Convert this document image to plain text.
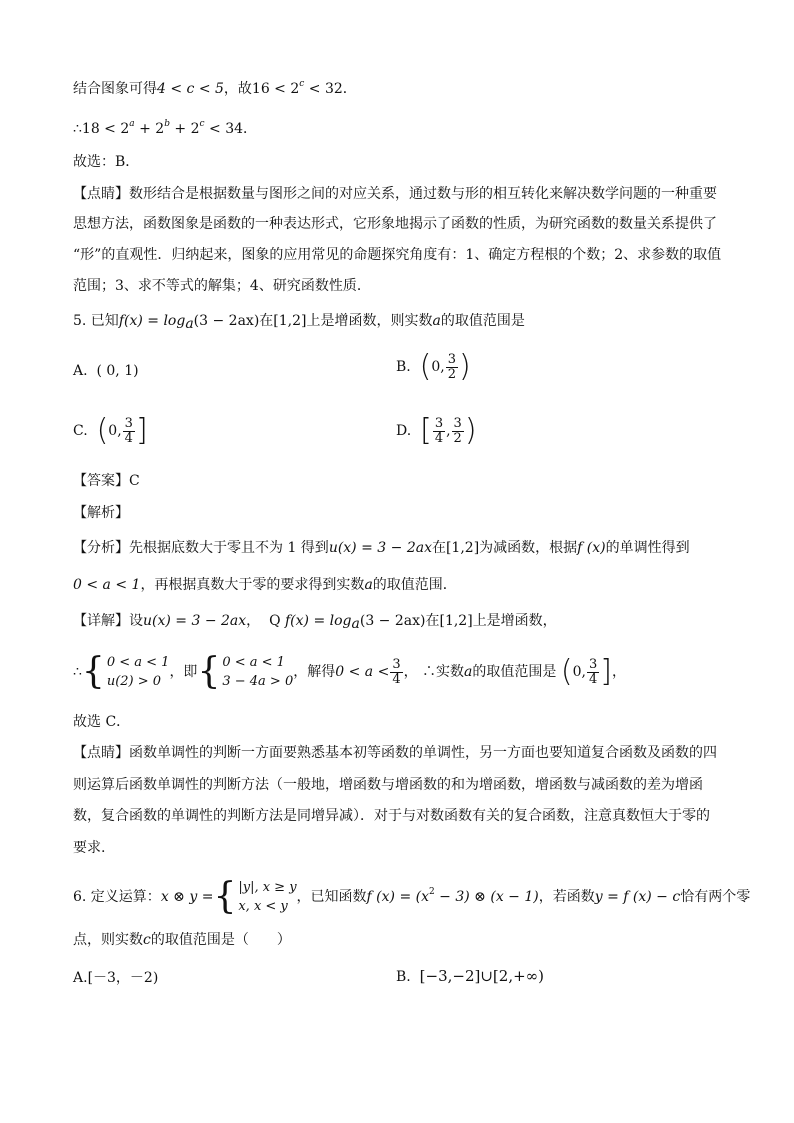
结合图象可得4 < c < 5，故$16 < 2^c < 32$．
∴18 < $2^a + 2^b + 2^c < 34$．
故选：B．
【点睛】数形结合是根据数量与图形之间的对应关系，通过数与形的相互转化来解决数学问题的一种重要
思想方法，函数图象是函数的一种表达形式，它形象地揭示了函数的性质，为研究函数的数量关系提供了
“形”的直观性．归纳起来，图象的应用常见的命题探究角度有：1、确定方程根的个数；2、求参数的取值
范围；3、求不等式的解集；4、研究函数性质．
5. 已知$f(x) = \log_a(3 - 2ax)$在[1,2]上是增函数，则实数a的取值范围是
A. ( 0, 1)	B. (0, $\frac{3}{2}$ )
C. (0, $\frac{3}{4}$ ]	D. [ $\frac{3}{4}$ , $\frac{3}{2}$ )
【答案】C
【解析】
【分析】先根据底数大于零且不为 1 得到u(x) = 3 − 2ax在[1,2]为减函数，根据f (x)的单调性得到
0 < a < 1，再根据真数大于零的要求得到实数a的取值范围．
【详解】设u(x) = 3 − 2ax， Q $f(x) = \log_a(3 - 2ax)$在[1,2]上是增函数，
∴{ 0 < a < 1
u(2) > 0
，即{ 0 < a < 1
3 − 4a > 0
，解得$0 < a < \frac{3}{4}$ ， ∴实数a的取值范围是 (0, $\frac{3}{4}$ ]，
故选 C．
【点睛】函数单调性的判断一方面要熟悉基本初等函数的单调性，另一方面也要知道复合函数及函数的四
则运算后函数单调性的判断方法（一般地，增函数与增函数的和为增函数，增函数与减函数的差为增函
数，复合函数的单调性的判断方法是同增异减）．对于与对数函数有关的复合函数，注意真数恒大于零的
要求.
6. 定义运算：x ⊗ y ={ |y|, x ≥ y
x, x < y
，已知函数f $(x) = (x^2 - 3)$ ⊗ (x − 1)，若函数y = f (x) − c恰有两个零
点，则实数c的取值范围是（　　）
A.[－3，－2)	B. [−3,−2]∪[2,+∞)
